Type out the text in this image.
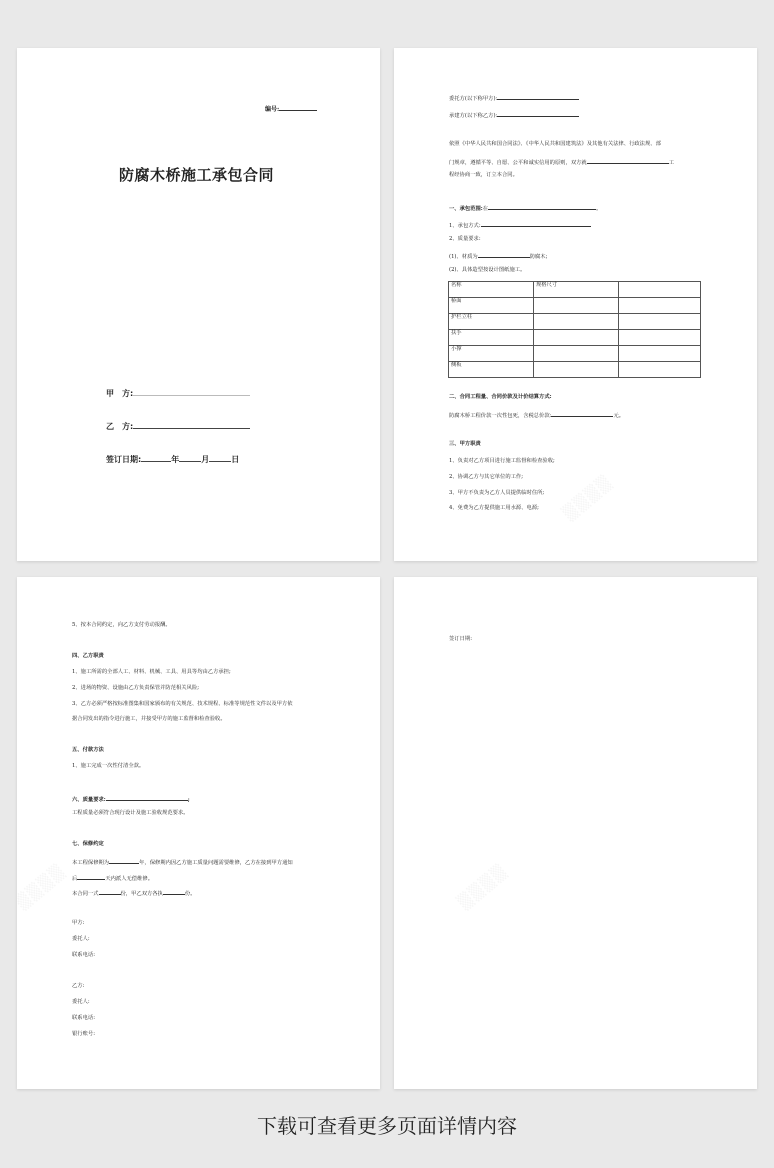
编号:
防腐木桥施工承包合同
甲　方:
乙　方:
签订日期:	年	月	日
委托方(以下称甲方):
承建方(以下称乙方):
依照《中华人民共和国合同法》、《中华人民共和国建筑法》及其他有关法律、行政法规、部
门规章，遵循平等、自愿、公平和诚实信用的原则，双方就	工
程经协商一致，订立本合同。
一、承包范围:在	。
1、承包方式:
2、质量要求:
(1)、材质为	防腐木;
(2)、具体造型按设计图纸施工。
名称	规格尺寸	
桥面		
护栏立柱		
扶手		
小撑		
侧板		
二、合同工程量、合同价款及计价结算方式:
防腐木桥工程价款一次性包死，含税总价款:	元。
三、甲方职责
1、负责对乙方项目进行施工监督和检查验收;
2、协调乙方与其它单位的工作;
3、甲方不负责为乙方人员提供临时住所;
4、免费为乙方提供施工用水源、电源;
5、按本合同约定，向乙方支付劳动报酬。
四、乙方职责
1、施工所需的全部人工、材料、机械、工具、用具等均由乙方承担;
2、进场的物资、设施由乙方负责保管并防范相关风险;
3、乙方必须严格按标准图集和国家颁布的有关规范、技术规程、标准等规范性文件以及甲方依
据合同发出的指令进行施工，并接受甲方的施工监督和检查验收。
五、付款方法
1、施工完成一次性付清全款。
六、质量要求:	;
工程质量必须符合现行设计及施工验收规范要求。
七、保修约定
本工程保修期为	年，保修期内因乙方施工质量问题需要维修，乙方在接到甲方通知
后	天内派人无偿维修。
本合同一式	份，甲乙双方各执	份。
甲方:
委托人:
联系电话:
乙方:
委托人:
联系电话:
银行账号:
签订日期:
下载可查看更多页面详情内容
